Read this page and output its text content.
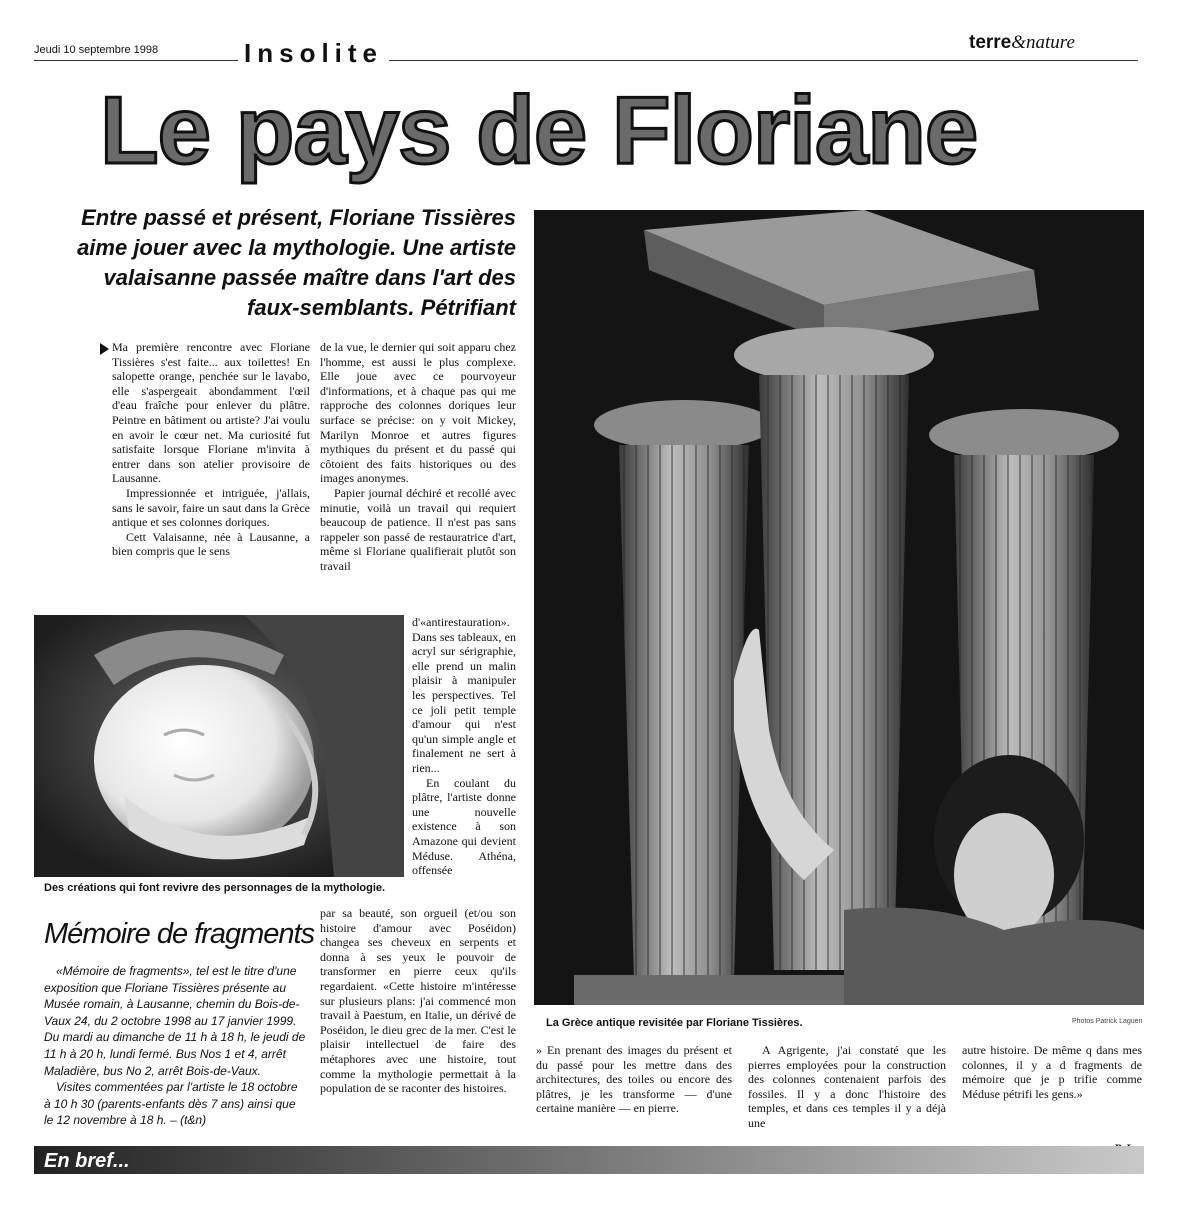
Jeudi 10 septembre 1998	Insolite	terre&nature
Le pays de Floriane
Entre passé et présent, Floriane Tissières aime jouer avec la mythologie. Une artiste valaisanne passée maître dans l'art des faux-semblants. Pétrifiant

Ma première rencontre avec Floriane Tissières s'est faite... aux toilettes! En salopette orange, penchée sur le lavabo, elle s'aspergeait abondamment l'œil d'eau fraîche pour enlever du plâtre. Peintre en bâtiment ou artiste? J'ai voulu en avoir le cœur net. Ma curiosité fut satisfaite lorsque Floriane m'invita à entrer dans son atelier provisoire de Lausanne.

Impressionnée et intriguée, j'allais, sans le savoir, faire un saut dans la Grèce antique et ses colonnes doriques.

Cett Valaisanne, née à Lausanne, a bien compris que le sens

de la vue, le dernier qui soit apparu chez l'homme, est aussi le plus complexe. Elle joue avec ce pourvoyeur d'informations, et à chaque pas qui me rapproche des colonnes doriques leur surface se précise: on y voit Mickey, Marilyn Monroe et autres figures mythiques du présent et du passé qui côtoient des faits historiques ou des images anonymes.

Papier journal déchiré et recollé avec minutie, voilà un travail qui requiert beaucoup de patience. Il n'est pas sans rappeler son passé de restauratrice d'art, même si Floriane qualifierait plutôt son travail

d'«antirestauration». Dans ses tableaux, en acryl sur sérigraphie, elle prend un malin plaisir à manipuler les perspectives. Tel ce joli petit temple d'amour qui n'est qu'un simple angle et finalement ne sert à rien...

En coulant du plâtre, l'artiste donne une nouvelle existence à son Amazone qui devient Méduse. Athéna, offensée

par sa beauté, son orgueil (et/ou son histoire d'amour avec Poséidon) changea ses cheveux en serpents et donna à ses yeux le pouvoir de transformer en pierre ceux qu'ils regardaient. «Cette histoire m'intéresse sur plusieurs plans: j'ai commencé mon travail à Paestum, en Italie, un dérivé de Poséidon, le dieu grec de la mer. C'est le plaisir intellectuel de faire des métaphores avec une histoire, tout comme la mythologie permettait à la population de se raconter des histoires.

Des créations qui font revivre des personnages de la mythologie.
Mémoire de fragments

«Mémoire de fragments», tel est le titre d'une exposition que Floriane Tissières présente au Musée romain, à Lausanne, chemin du Bois-de-Vaux 24, du 2 octobre 1998 au 17 janvier 1999. Du mardi au dimanche de 11 h à 18 h, le jeudi de 11 h à 20 h, lundi fermé. Bus Nos 1 et 4, arrêt Maladière, bus No 2, arrêt Bois-de-Vaux.

Visites commentées par l'artiste le 18 octobre à 10 h 30 (parents-enfants dès 7 ans) ainsi que le 12 novembre à 18 h. – (t&n)

La Grèce antique revisitée par Floriane Tissières.	Photos Patrick Laguen

» En prenant des images du présent et du passé pour les mettre dans des architectures, des toiles ou encore des plâtres, je les transforme — d'une certaine manière — en pierre.

A Agrigente, j'ai constaté que les pierres employées pour la construction des colonnes contenaient parfois des fossiles. Il y a donc l'histoire des temples, et dans ces temples il y a déjà une

autre histoire. De même q dans mes colonnes, il y a d fragments de mémoire que je p trifie comme Méduse pétrifi les gens.»

En bref...
